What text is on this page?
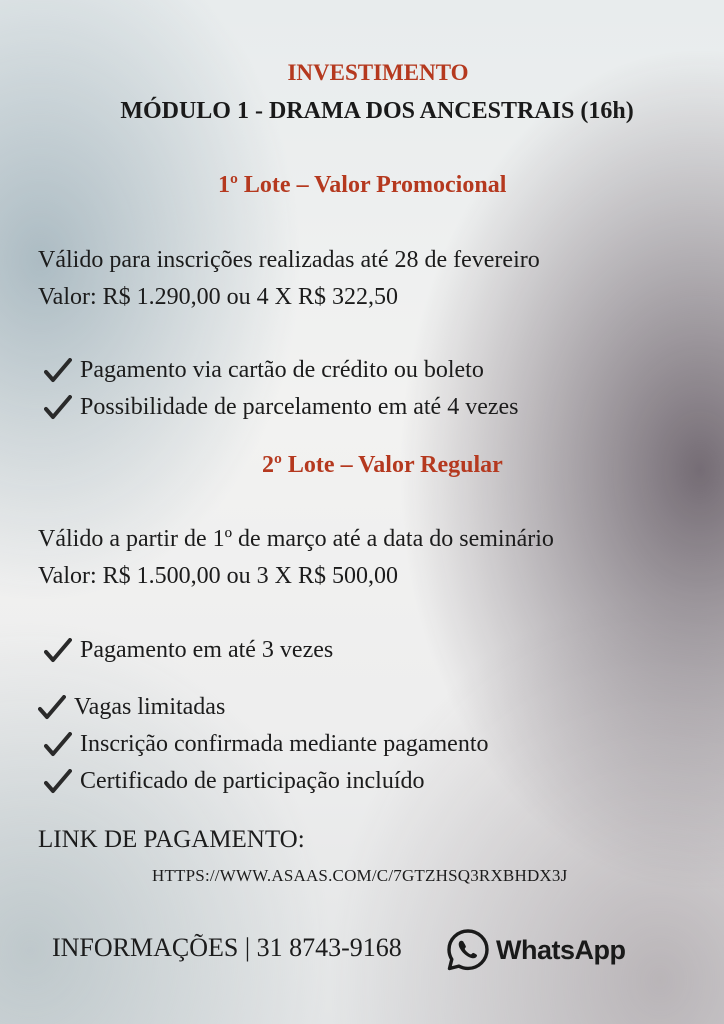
INVESTIMENTO
MÓDULO 1 - DRAMA DOS ANCESTRAIS (16h)
1º Lote – Valor Promocional
Válido para inscrições realizadas até 28 de fevereiro
Valor: R$ 1.290,00 ou 4 X R$ 322,50
Pagamento via cartão de crédito ou boleto
Possibilidade de parcelamento em até 4 vezes
2º Lote – Valor Regular
Válido a partir de 1º de março até a data do seminário
Valor: R$ 1.500,00 ou 3 X R$ 500,00
Pagamento em até 3 vezes
Vagas limitadas
Inscrição confirmada mediante pagamento
Certificado de participação incluído
LINK DE PAGAMENTO:
HTTPS://WWW.ASAAS.COM/C/7GTZHSQ3RXBHDX3J
INFORMAÇÕES | 31 8743-9168	WhatsApp
